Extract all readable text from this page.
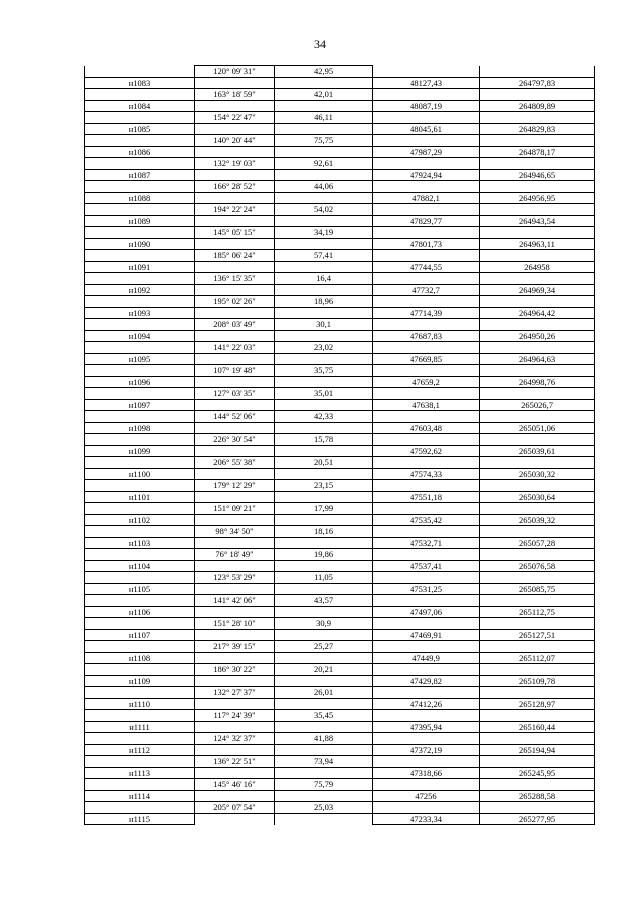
34
	120° 09' 31"	42,95		
н1083			48127,43	264797,83
	163° 18' 59"	42,01		
н1084			48087,19	264809,89
	154° 22' 47"	46,11		
н1085			48045,61	264829,83
	140° 20' 44"	75,75		
н1086			47987,29	264878,17
	132° 19' 03"	92,61		
н1087			47924,94	264946,65
	166° 28' 52"	44,06		
н1088			47882,1	264956,95
	194° 22' 24"	54,02		
н1089			47829,77	264943,54
	145° 05' 15"	34,19		
н1090			47801,73	264963,11
	185° 06' 24"	57,41		
н1091			47744,55	264958
	136° 15' 35"	16,4		
н1092			47732,7	264969,34
	195° 02' 26"	18,96		
н1093			47714,39	264964,42
	208° 03' 49"	30,1		
н1094			47687,83	264950,26
	141° 22' 03"	23,02		
н1095			47669,85	264964,63
	107° 19' 48"	35,75		
н1096			47659,2	264998,76
	127° 03' 35"	35,01		
н1097			47638,1	265026,7
	144° 52' 06"	42,33		
н1098			47603,48	265051,06
	226° 30' 54"	15,78		
н1099			47592,62	265039,61
	206° 55' 38"	20,51		
н1100			47574,33	265030,32
	179° 12' 29"	23,15		
н1101			47551,18	265030,64
	151° 09' 21"	17,99		
н1102			47535,42	265039,32
	98° 34' 50"	18,16		
н1103			47532,71	265057,28
	76° 18' 49"	19,86		
н1104			47537,41	265076,58
	123° 53' 29"	11,05		
н1105			47531,25	265085,75
	141° 42' 06"	43,57		
н1106			47497,06	265112,75
	151° 28' 10"	30,9		
н1107			47469,91	265127,51
	217° 39' 15"	25,27		
н1108			47449,9	265112,07
	186° 30' 22"	20,21		
н1109			47429,82	265109,78
	132° 27' 37"	26,01		
н1110			47412,26	265128,97
	117° 24' 39"	35,45		
н1111			47395,94	265160,44
	124° 32' 37"	41,88		
н1112			47372,19	265194,94
	136° 22' 51"	73,94		
н1113			47318,66	265245,95
	145° 46' 16"	75,79		
н1114			47256	265288,58
	205° 07' 54"	25,03		
н1115			47233,34	265277,95
